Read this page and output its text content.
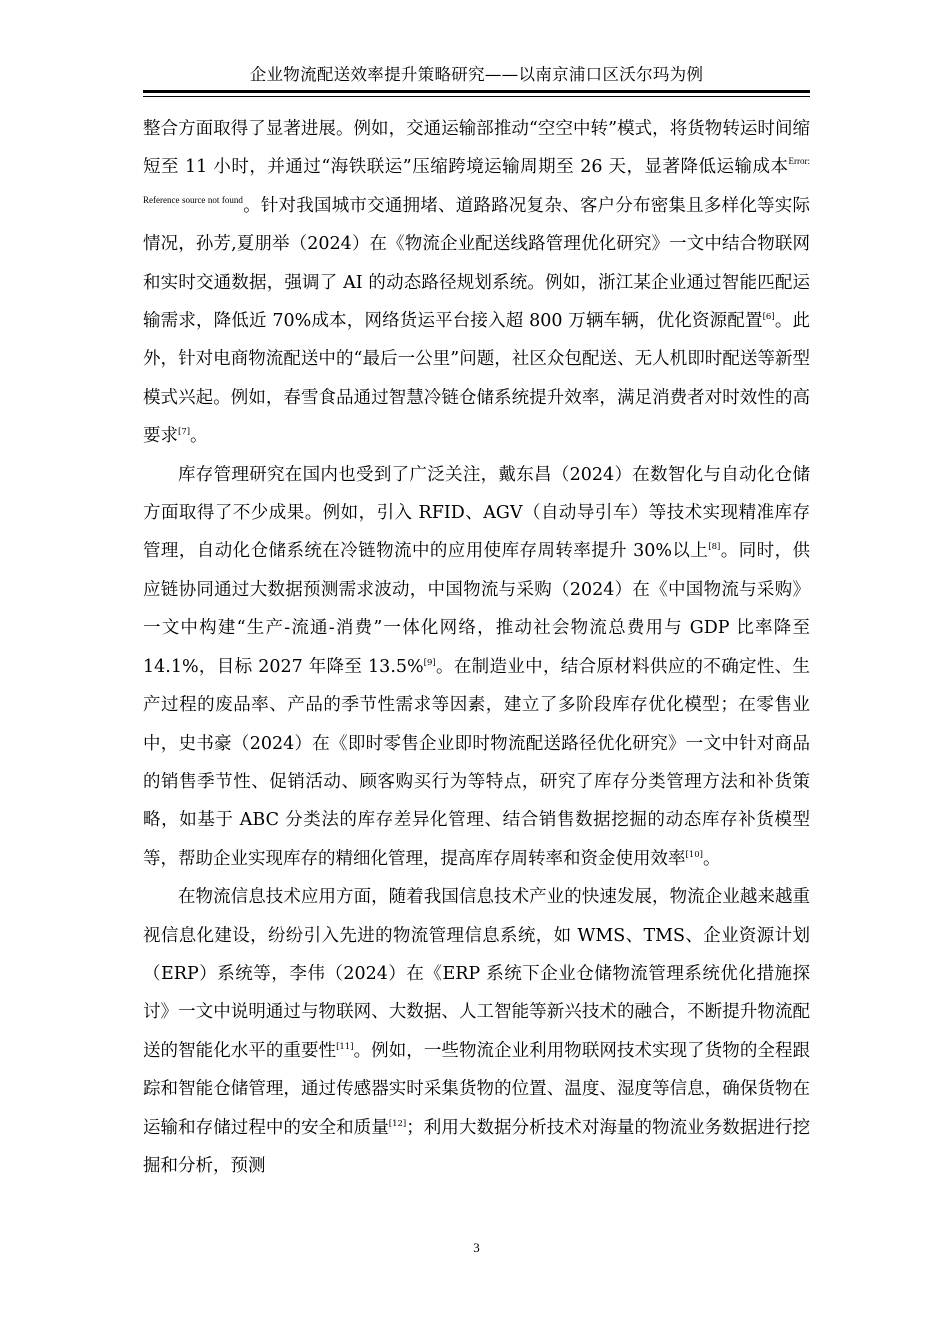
企业物流配送效率提升策略研究——以南京浦口区沃尔玛为例

整合方面取得了显著进展。例如，交通运输部推动“空空中转”模式，将货物转运时间缩短至 11 小时，并通过“海铁联运”压缩跨境运输周期至 26 天，显著降低运输成本$^{Error: Reference source not found}$。针对我国城市交通拥堵、道路路况复杂、客户分布密集且多样化等实际情况，孙芳,夏朋举（2024）在《物流企业配送线路管理优化研究》一文中结合物联网和实时交通数据，强调了 AI 的动态路径规划系统。例如，浙江某企业通过智能匹配运输需求，降低近 70%成本，网络货运平台接入超 800 万辆车辆，优化资源配置[6]。此外，针对电商物流配送中的“最后一公里”问题，社区众包配送、无人机即时配送等新型模式兴起。例如，春雪食品通过智慧冷链仓储系统提升效率，满足消费者对时效性的高要求[7]。

库存管理研究在国内也受到了广泛关注，戴东昌（2024）在数智化与自动化仓储方面取得了不少成果。例如，引入 RFID、AGV（自动导引车）等技术实现精准库存管理，自动化仓储系统在冷链物流中的应用使库存周转率提升 30%以上[8]。同时，供应链协同通过大数据预测需求波动，中国物流与采购（2024）在《中国物流与采购》一文中构建“生产-流通-消费”一体化网络，推动社会物流总费用与 GDP 比率降至 14.1%，目标 2027 年降至 13.5%[9]。在制造业中，结合原材料供应的不确定性、生产过程的废品率、产品的季节性需求等因素，建立了多阶段库存优化模型；在零售业中，史书豪（2024）在《即时零售企业即时物流配送路径优化研究》一文中针对商品的销售季节性、促销活动、顾客购买行为等特点，研究了库存分类管理方法和补货策略，如基于 ABC 分类法的库存差异化管理、结合销售数据挖掘的动态库存补货模型等，帮助企业实现库存的精细化管理，提高库存周转率和资金使用效率[10]。

在物流信息技术应用方面，随着我国信息技术产业的快速发展，物流企业越来越重视信息化建设，纷纷引入先进的物流管理信息系统，如 WMS、TMS、企业资源计划（ERP）系统等，李伟（2024）在《ERP 系统下企业仓储物流管理系统优化措施探讨》一文中说明通过与物联网、大数据、人工智能等新兴技术的融合，不断提升物流配送的智能化水平的重要性[11]。例如，一些物流企业利用物联网技术实现了货物的全程跟踪和智能仓储管理，通过传感器实时采集货物的位置、温度、湿度等信息，确保货物在运输和存储过程中的安全和质量[12]；利用大数据分析技术对海量的物流业务数据进行挖掘和分析，预测

3
